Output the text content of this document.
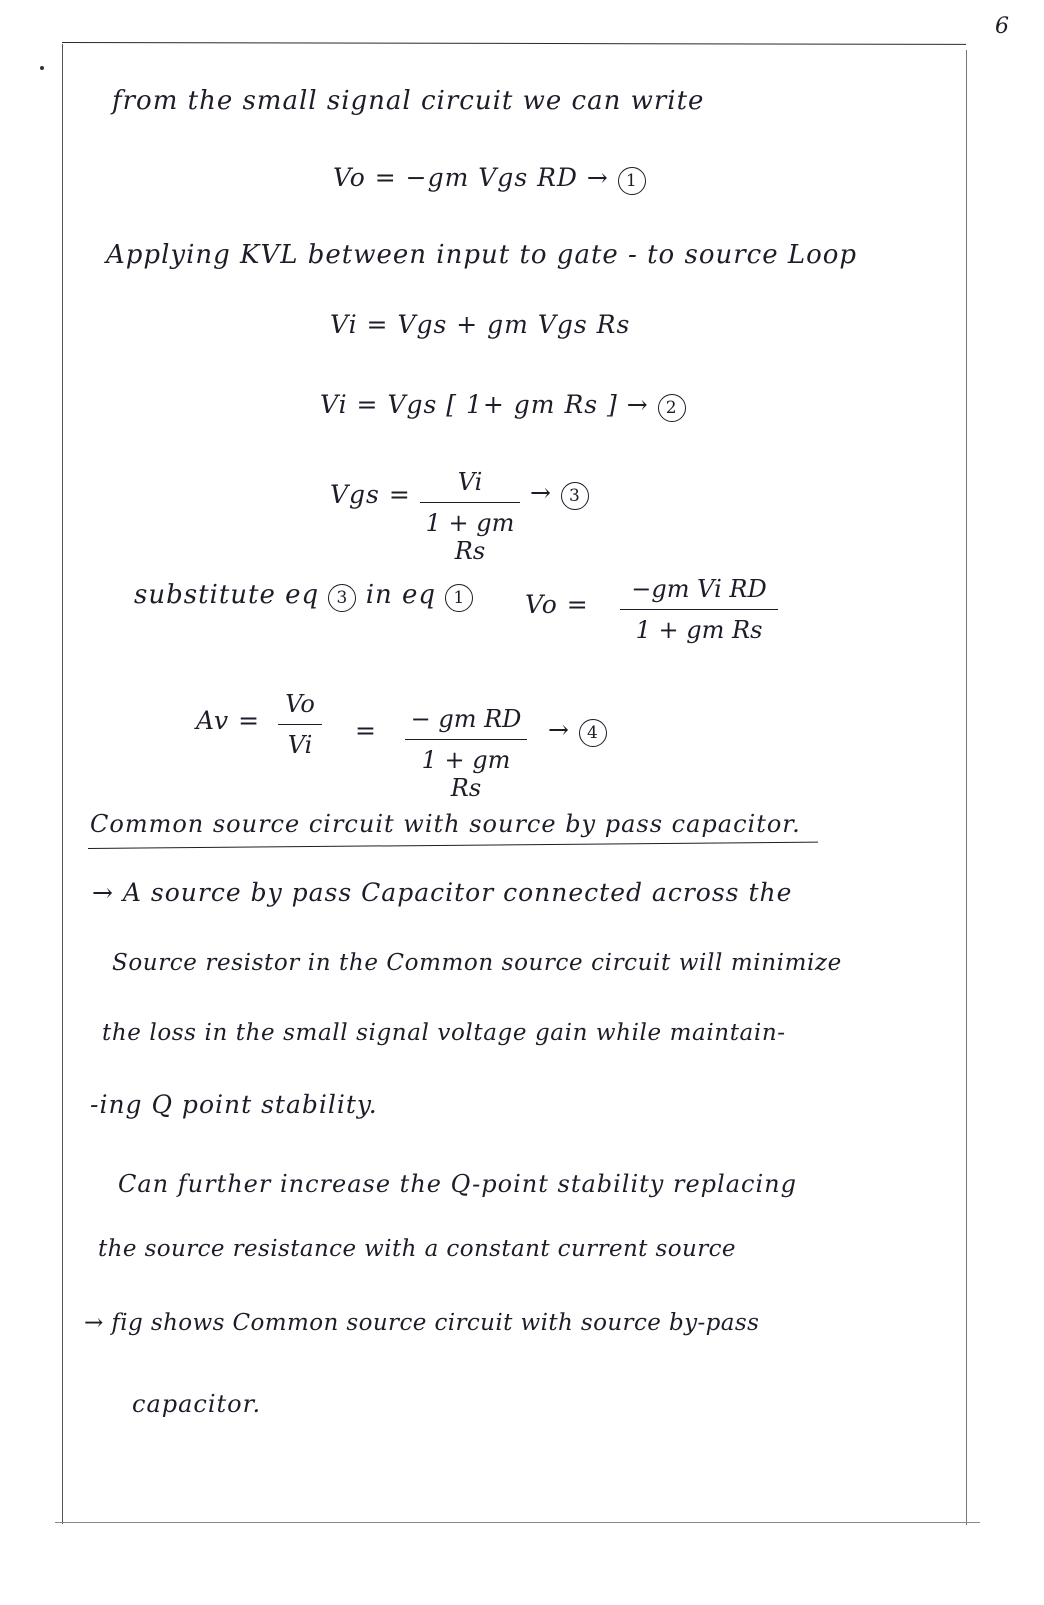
6
from the small signal circuit we can write
Vo = −gm Vgs RD → 1
Applying KVL between input to gate - to source Loop
Vi = Vgs + gm Vgs Rs
Vi = Vgs [ 1+ gm Rs ] → 2
Vgs =	Vi
1 + gm Rs
→ 3
substitute eq 3 in eq 1	Vo =
−gm Vi RD
1 + gm Rs
Av =
Vo
Vi	= − gm RD
1 + gm Rs
→ 4
Common source circuit with source by pass capacitor.
→ A source by pass Capacitor connected across the
Source resistor in the Common source circuit will minimize
the loss in the small signal voltage gain while maintain-
-ing Q point stability.
Can further increase the Q-point stability replacing
the source resistance with a constant current source
→ fig shows Common source circuit with source by-pass
capacitor.
